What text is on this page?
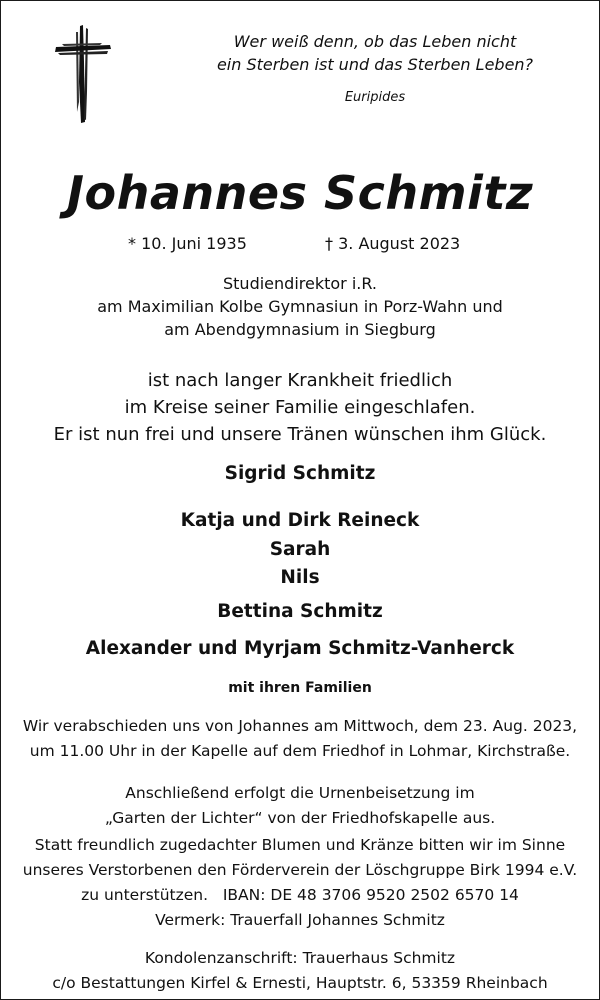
Wer weiß denn, ob das Leben nicht
ein Sterben ist und das Sterben Leben?
Euripides
Johannes Schmitz
* 10. Juni 1935	† 3. August 2023
Studiendirektor i.R.
am Maximilian Kolbe Gymnasiun in Porz-Wahn und
am Abendgymnasium in Siegburg
ist nach langer Krankheit friedlich
im Kreise seiner Familie eingeschlafen.
Er ist nun frei und unsere Tränen wünschen ihm Glück.
Sigrid Schmitz
Katja und Dirk Reineck
Sarah
Nils
Bettina Schmitz
Alexander und Myrjam Schmitz-Vanherck
mit ihren Familien
Wir verabschieden uns von Johannes am Mittwoch, dem 23. Aug. 2023,
um 11.00 Uhr in der Kapelle auf dem Friedhof in Lohmar, Kirchstraße.
Anschließend erfolgt die Urnenbeisetzung im
„Garten der Lichter“ von der Friedhofskapelle aus.
Statt freundlich zugedachter Blumen und Kränze bitten wir im Sinne
unseres Verstorbenen den Förderverein der Löschgruppe Birk 1994 e.V.
zu unterstützen.   IBAN: DE 48 3706 9520 2502 6570 14
Vermerk: Trauerfall Johannes Schmitz
Kondolenzanschrift: Trauerhaus Schmitz
c/o Bestattungen Kirfel & Ernesti, Hauptstr. 6, 53359 Rheinbach
